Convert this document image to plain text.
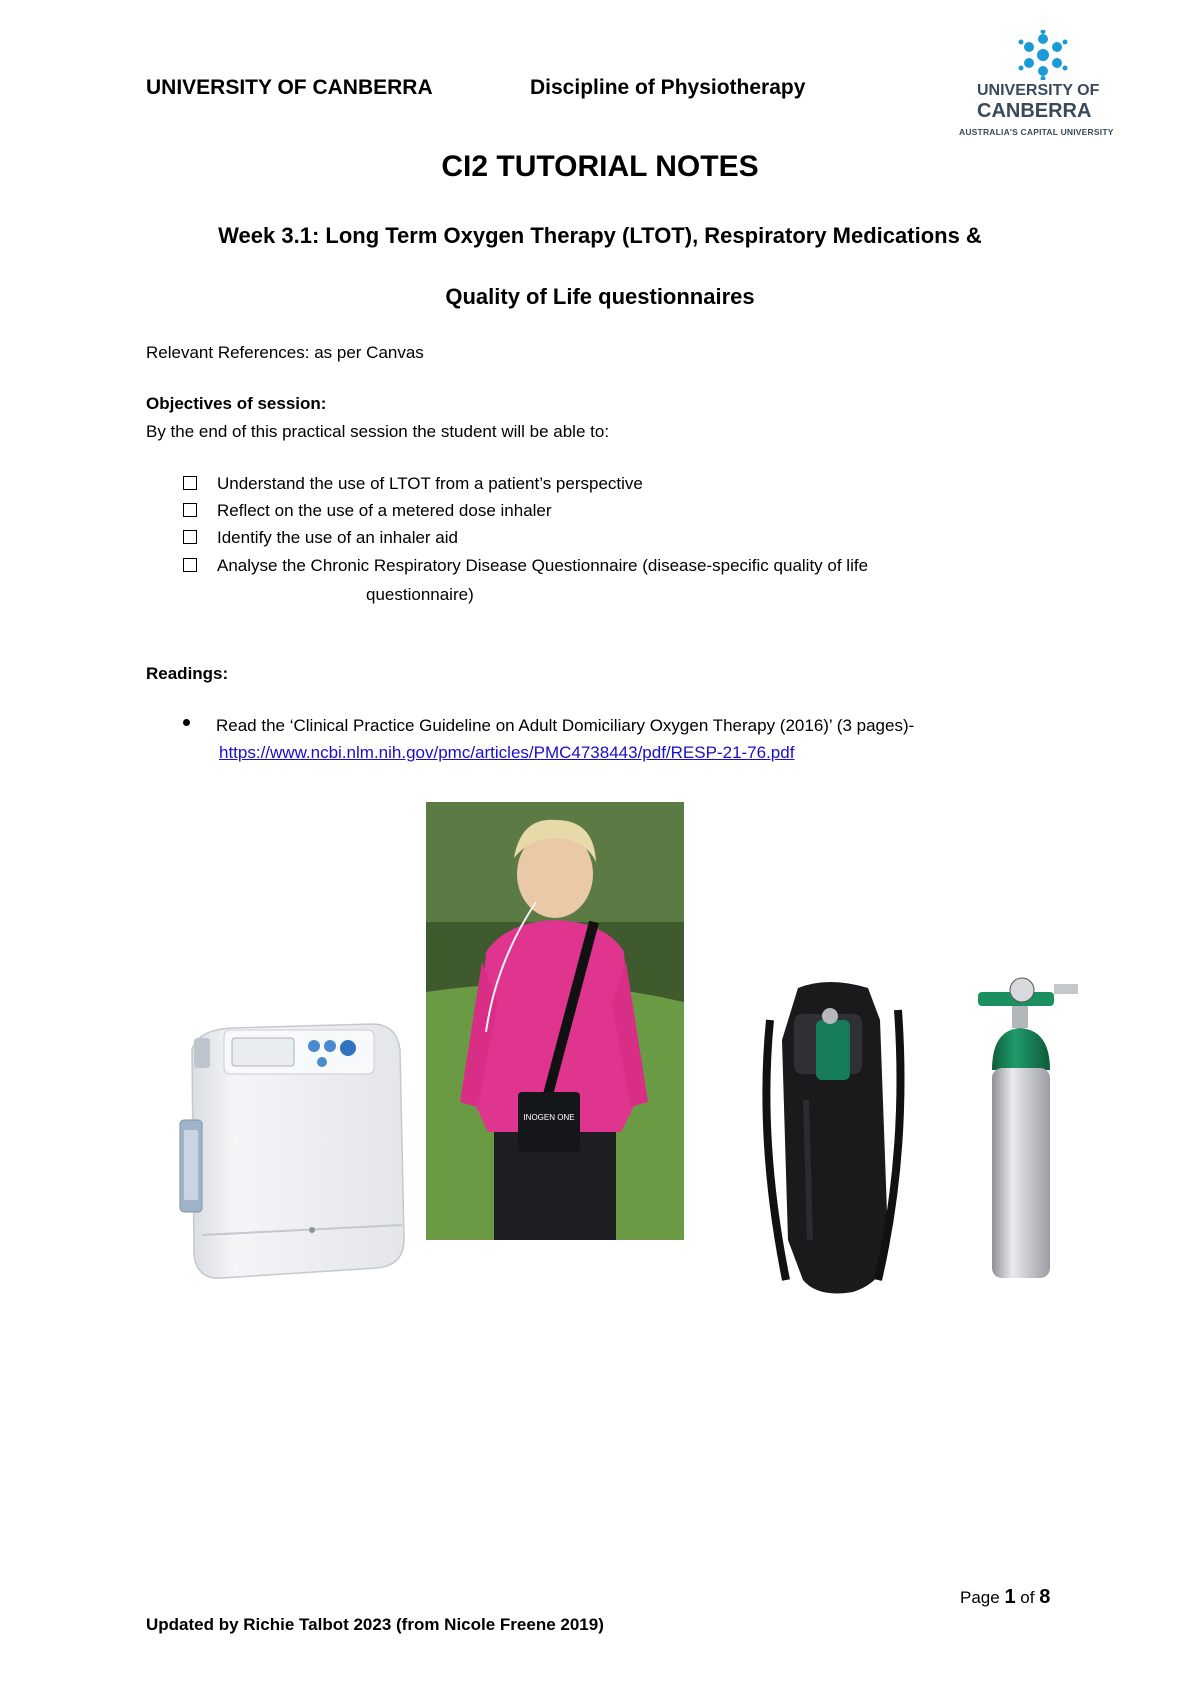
UNIVERSITY OF CANBERRA	Discipline of Physiotherapy	UNIVERSITY OF
CANBERRA
AUSTRALIA'S CAPITAL UNIVERSITY
CI2 TUTORIAL NOTES
Week 3.1: Long Term Oxygen Therapy (LTOT), Respiratory Medications &
Quality of Life questionnaires
Relevant References: as per Canvas
Objectives of session:
By the end of this practical session the student will be able to:
Understand the use of LTOT from a patient’s perspective
Reflect on the use of a metered dose inhaler
Identify the use of an inhaler aid
Analyse the Chronic Respiratory Disease Questionnaire (disease-specific quality of life
questionnaire)
Readings:
Read the ‘Clinical Practice Guideline on Adult Domiciliary Oxygen Therapy (2016)’ (3 pages)-
https://www.ncbi.nlm.nih.gov/pmc/articles/PMC4738443/pdf/RESP-21-76.pdf
INOGEN ONE
Page 1 of 8
Updated by Richie Talbot 2023 (from Nicole Freene 2019)
